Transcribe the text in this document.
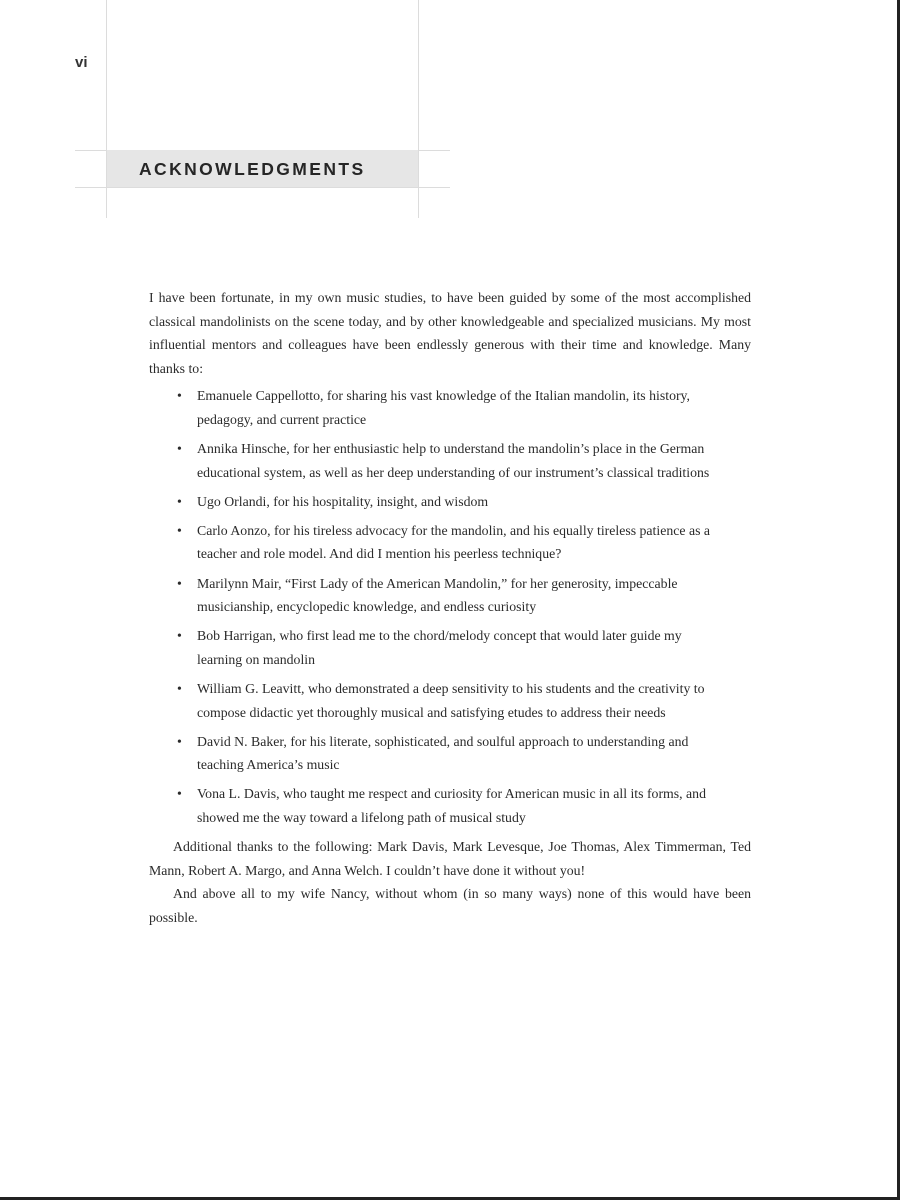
vi
ACKNOWLEDGMENTS

I have been fortunate, in my own music studies, to have been guided by some of the most accomplished classical mandolinists on the scene today, and by other knowledgeable and specialized musicians. My most influential mentors and colleagues have been endlessly generous with their time and knowledge. Many thanks to:

• Emanuele Cappellotto, for sharing his vast knowledge of the Italian mandolin, its history, pedagogy, and current practice
• Annika Hinsche, for her enthusiastic help to understand the mandolin’s place in the German educational system, as well as her deep understanding of our instrument’s classical traditions
• Ugo Orlandi, for his hospitality, insight, and wisdom
• Carlo Aonzo, for his tireless advocacy for the mandolin, and his equally tireless patience as a teacher and role model. And did I mention his peerless technique?
• Marilynn Mair, “First Lady of the American Mandolin,” for her generosity, impeccable musicianship, encyclopedic knowledge, and endless curiosity
• Bob Harrigan, who first lead me to the chord/melody concept that would later guide my learning on mandolin
• William G. Leavitt, who demonstrated a deep sensitivity to his students and the creativity to compose didactic yet thoroughly musical and satisfying etudes to address their needs
• David N. Baker, for his literate, sophisticated, and soulful approach to understanding and teaching America’s music
• Vona L. Davis, who taught me respect and curiosity for American music in all its forms, and showed me the way toward a lifelong path of musical study

Additional thanks to the following: Mark Davis, Mark Levesque, Joe Thomas, Alex Timmerman, Ted Mann, Robert A. Margo, and Anna Welch. I couldn’t have done it without you!

And above all to my wife Nancy, without whom (in so many ways) none of this would have been possible.
